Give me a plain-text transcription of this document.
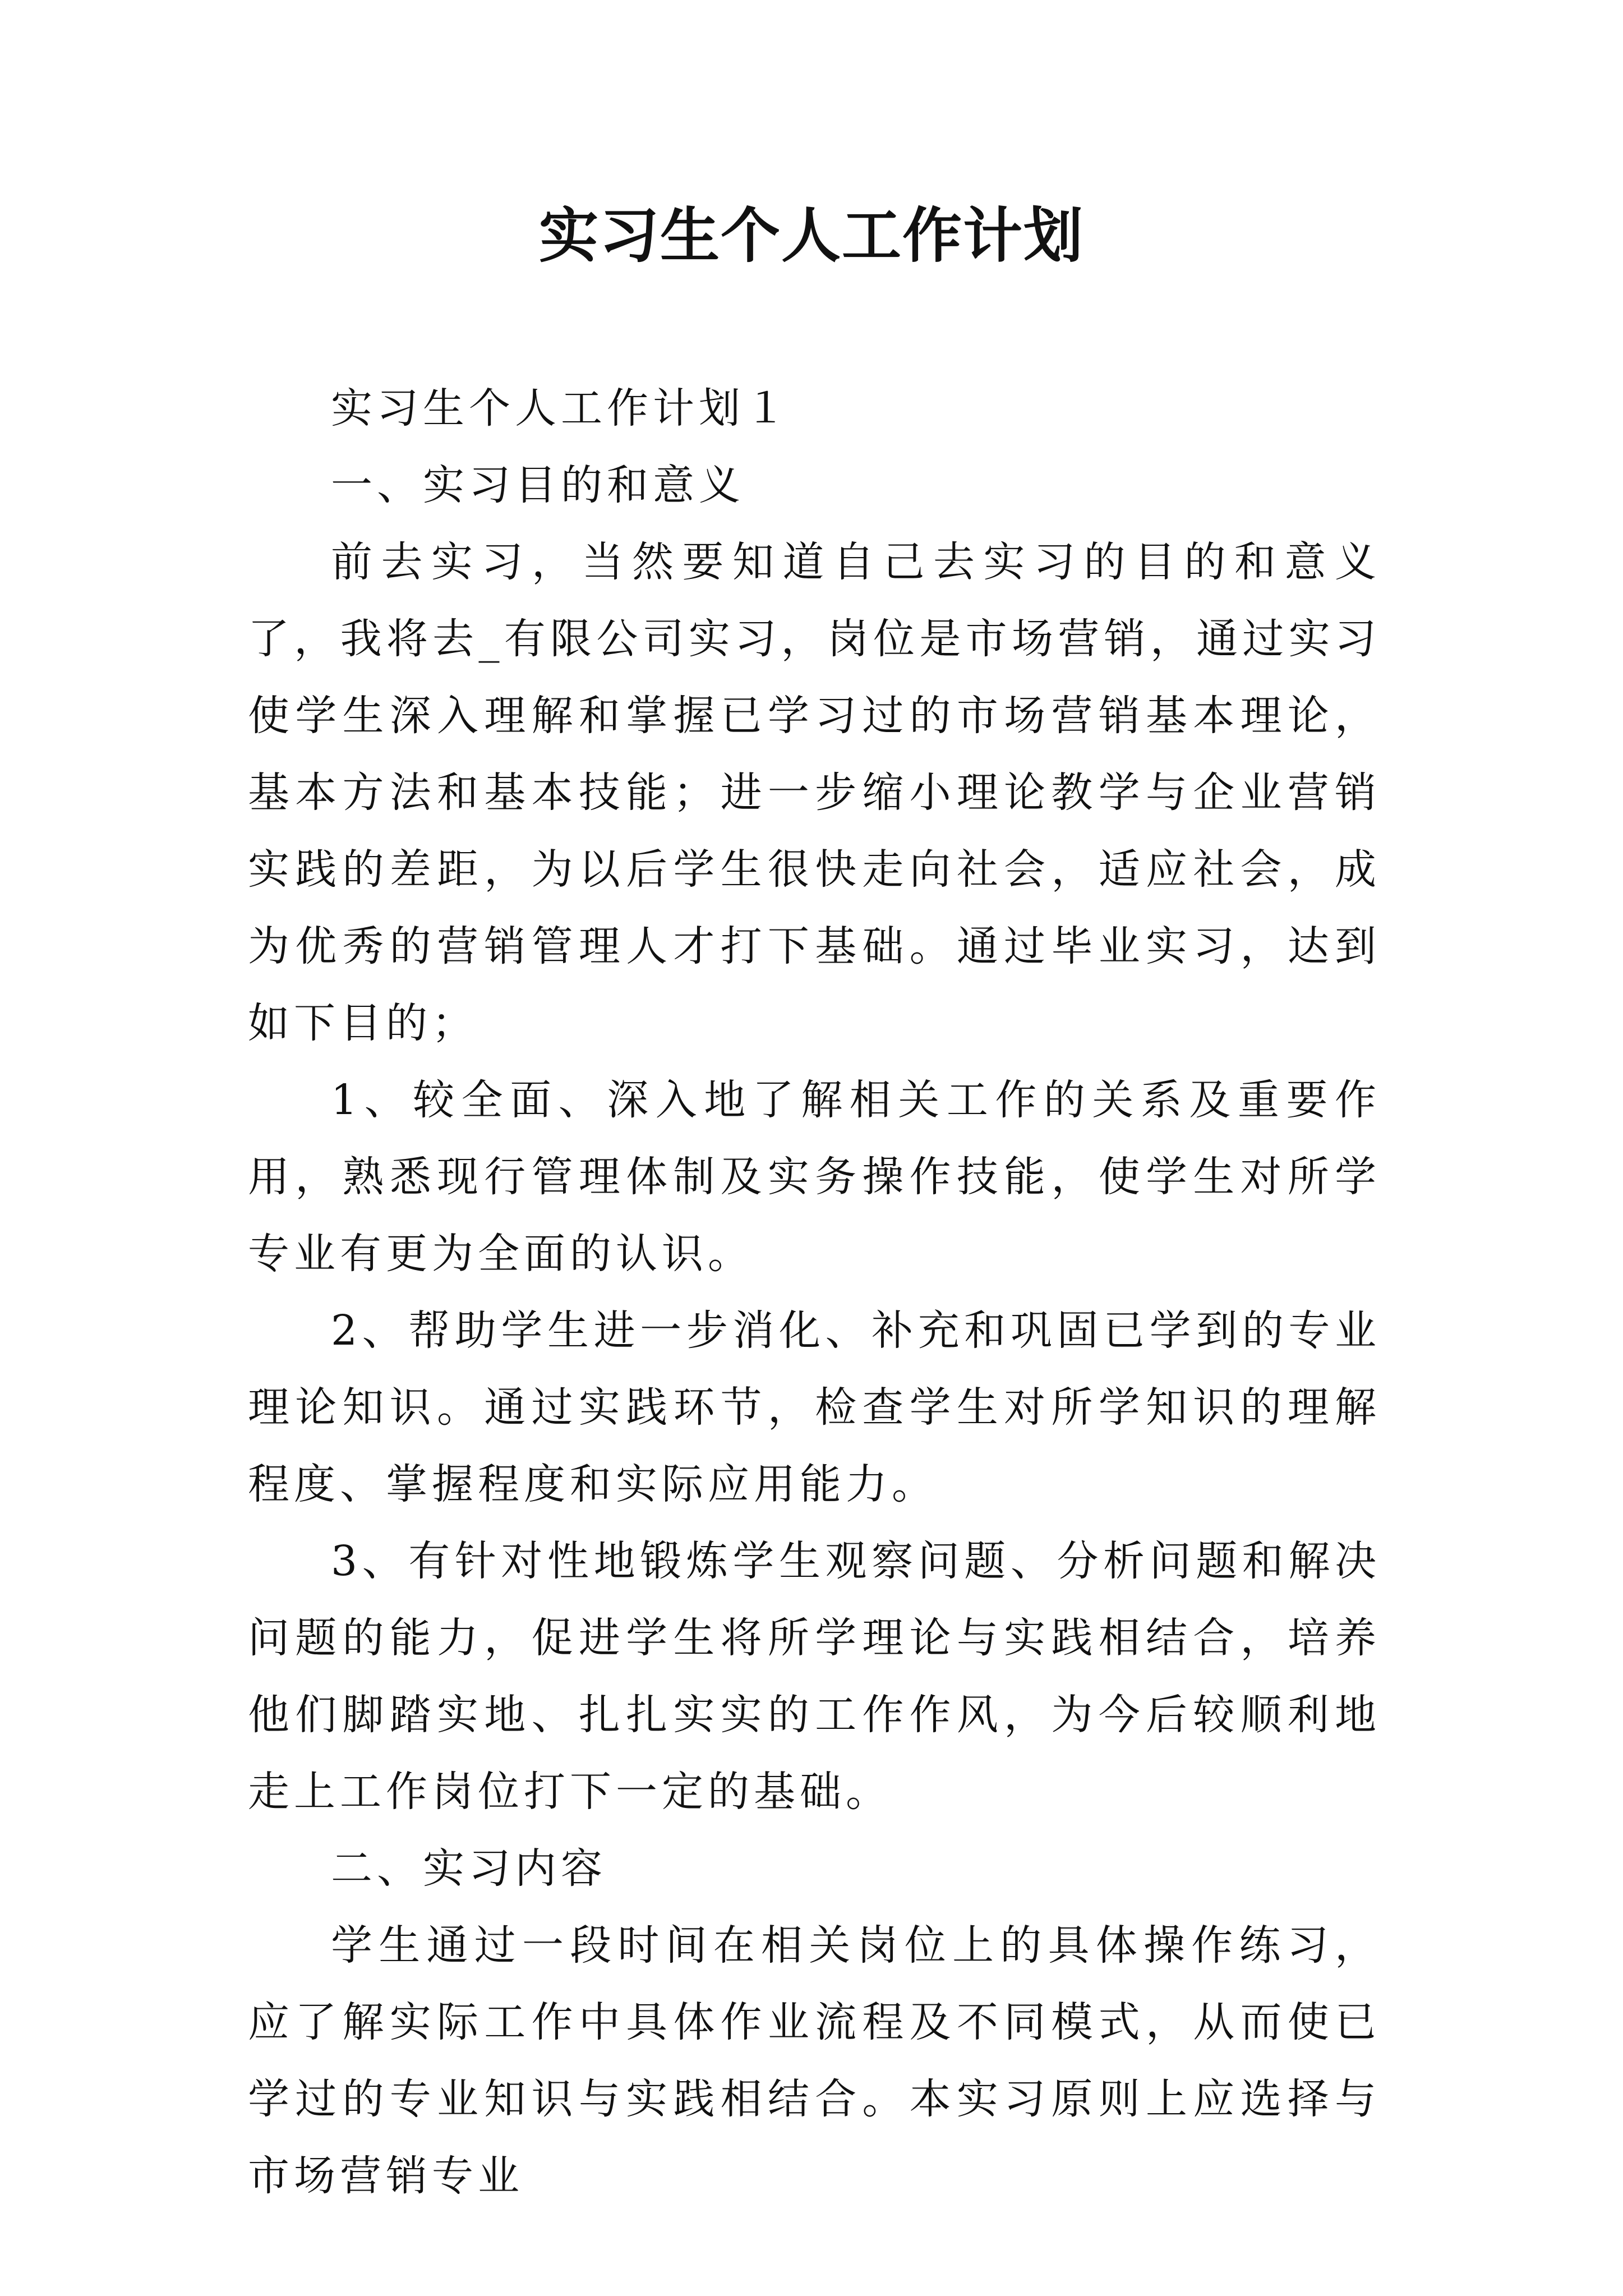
实习生个人工作计划

实习生个人工作计划１

一、实习目的和意义

前去实习，当然要知道自己去实习的目的和意义了，我将去_有限公司实习，岗位是市场营销，通过实习使学生深入理解和掌握已学习过的市场营销基本理论，基本方法和基本技能；进一步缩小理论教学与企业营销实践的差距，为以后学生很快走向社会，适应社会，成为优秀的营销管理人才打下基础。通过毕业实习，达到如下目的；

1、较全面、深入地了解相关工作的关系及重要作用，熟悉现行管理体制及实务操作技能，使学生对所学专业有更为全面的认识。

2、帮助学生进一步消化、补充和巩固已学到的专业理论知识。通过实践环节，检查学生对所学知识的理解程度、掌握程度和实际应用能力。

3、有针对性地锻炼学生观察问题、分析问题和解决问题的能力，促进学生将所学理论与实践相结合，培养他们脚踏实地、扎扎实实的工作作风，为今后较顺利地走上工作岗位打下一定的基础。

二、实习内容

学生通过一段时间在相关岗位上的具体操作练习，应了解实际工作中具体作业流程及不同模式，从而使已学过的专业知识与实践相结合。本实习原则上应选择与市场营销专业
